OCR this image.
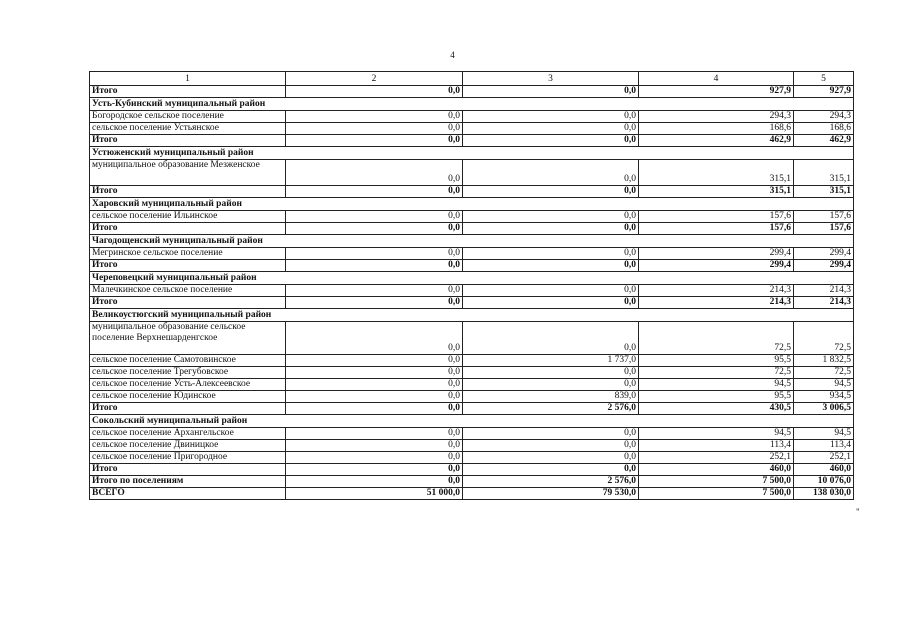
4
1	2	3	4	5
Итого	0,0	0,0	927,9	927,9
Усть-Кубинский муниципальный район				
Богородское сельское поселение	0,0	0,0	294,3	294,3
сельское поселение Устьянское	0,0	0,0	168,6	168,6
Итого	0,0	0,0	462,9	462,9
Устюженский муниципальный район				
муниципальное образование Мезженское	0,0	0,0	315,1	315,1
Итого	0,0	0,0	315,1	315,1
Харовский муниципальный район				
сельское поселение Ильинское	0,0	0,0	157,6	157,6
Итого	0,0	0,0	157,6	157,6
Чагодощенский муниципальный район				
Мегринское сельское поселение	0,0	0,0	299,4	299,4
Итого	0,0	0,0	299,4	299,4
Череповецкий муниципальный район				
Малечкинское сельское поселение	0,0	0,0	214,3	214,3
Итого	0,0	0,0	214,3	214,3
Великоустюгский муниципальный район				
муниципальное образование сельское поселение Верхнешарденгское	0,0	0,0	72,5	72,5
сельское поселение Самотовинское	0,0	1 737,0	95,5	1 832,5
сельское поселение Трегубовское	0,0	0,0	72,5	72,5
сельское поселение Усть-Алексеевское	0,0	0,0	94,5	94,5
сельское поселение Юдинское	0,0	839,0	95,5	934,5
Итого	0,0	2 576,0	430,5	3 006,5
Сокольский муниципальный район				
сельское поселение Архангельское	0,0	0,0	94,5	94,5
сельское поселение Двиницкое	0,0	0,0	113,4	113,4
сельское поселение Пригородное	0,0	0,0	252,1	252,1
Итого	0,0	0,0	460,0	460,0
Итого по поселениям	0,0	2 576,0	7 500,0	10 076,0
ВСЕГО	51 000,0	79 530,0	7 500,0	138 030,0
"
